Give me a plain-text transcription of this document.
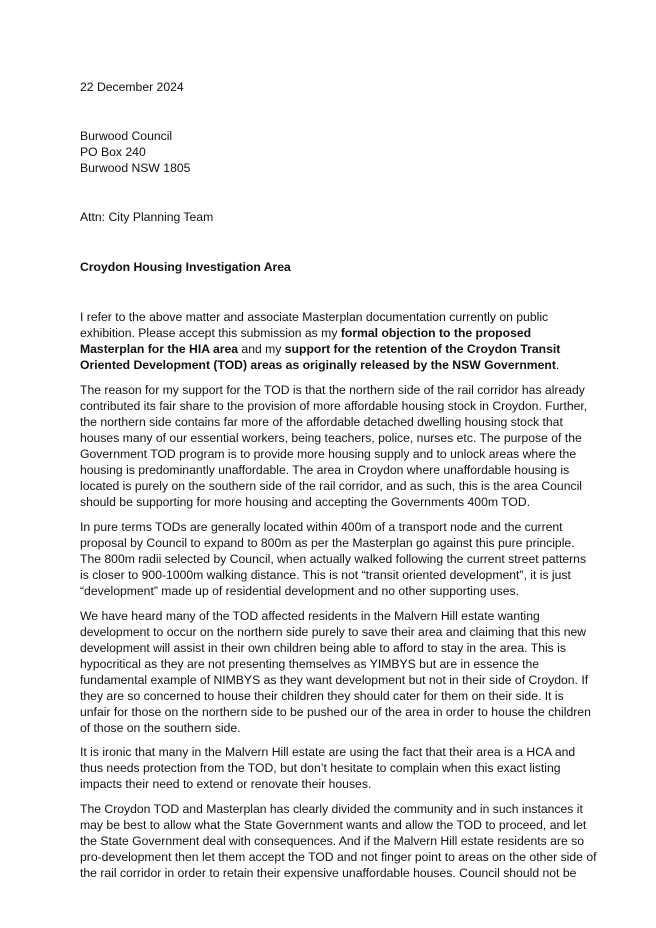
22 December 2024
Burwood Council
PO Box 240
Burwood NSW 1805
Attn: City Planning Team
Croydon Housing Investigation Area
I refer to the above matter and associate Masterplan documentation currently on public
exhibition. Please accept this submission as my formal objection to the proposed
Masterplan for the HIA area and my support for the retention of the Croydon Transit
Oriented Development (TOD) areas as originally released by the NSW Government.
The reason for my support for the TOD is that the northern side of the rail corridor has already
contributed its fair share to the provision of more affordable housing stock in Croydon. Further,
the northern side contains far more of the affordable detached dwelling housing stock that
houses many of our essential workers, being teachers, police, nurses etc. The purpose of the
Government TOD program is to provide more housing supply and to unlock areas where the
housing is predominantly unaffordable. The area in Croydon where unaffordable housing is
located is purely on the southern side of the rail corridor, and as such, this is the area Council
should be supporting for more housing and accepting the Governments 400m TOD.
In pure terms TODs are generally located within 400m of a transport node and the current
proposal by Council to expand to 800m as per the Masterplan go against this pure principle.
The 800m radii selected by Council, when actually walked following the current street patterns
is closer to 900-1000m walking distance. This is not “transit oriented development”, it is just
“development” made up of residential development and no other supporting uses.
We have heard many of the TOD affected residents in the Malvern Hill estate wanting
development to occur on the northern side purely to save their area and claiming that this new
development will assist in their own children being able to afford to stay in the area. This is
hypocritical as they are not presenting themselves as YIMBYS but are in essence the
fundamental example of NIMBYS as they want development but not in their side of Croydon. If
they are so concerned to house their children they should cater for them on their side. It is
unfair for those on the northern side to be pushed our of the area in order to house the children
of those on the southern side.
It is ironic that many in the Malvern Hill estate are using the fact that their area is a HCA and
thus needs protection from the TOD, but don’t hesitate to complain when this exact listing
impacts their need to extend or renovate their houses.
The Croydon TOD and Masterplan has clearly divided the community and in such instances it
may be best to allow what the State Government wants and allow the TOD to proceed, and let
the State Government deal with consequences. And if the Malvern Hill estate residents are so
pro-development then let them accept the TOD and not finger point to areas on the other side of
the rail corridor in order to retain their expensive unaffordable houses. Council should not be
